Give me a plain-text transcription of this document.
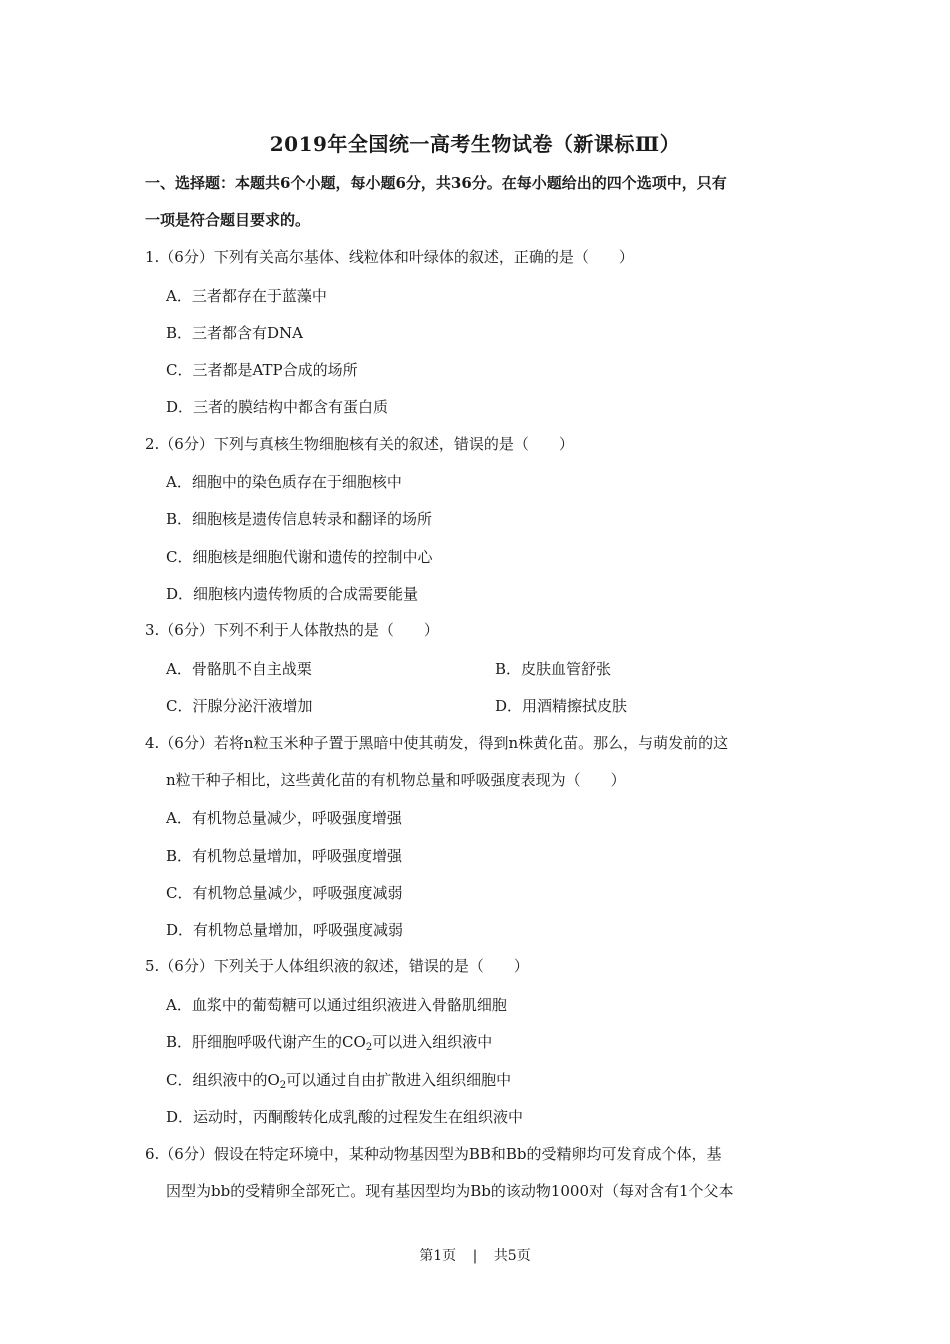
2019年全国统一高考生物试卷（新课标Ⅲ）
一、选择题：本题共6个小题，每小题6分，共36分。在每小题给出的四个选项中，只有
一项是符合题目要求的。
1.（6分）下列有关高尔基体、线粒体和叶绿体的叙述，正确的是（　　）
A．三者都存在于蓝藻中
B．三者都含有DNA
C．三者都是ATP合成的场所
D．三者的膜结构中都含有蛋白质
2.（6分）下列与真核生物细胞核有关的叙述，错误的是（　　）
A．细胞中的染色质存在于细胞核中
B．细胞核是遗传信息转录和翻译的场所
C．细胞核是细胞代谢和遗传的控制中心
D．细胞核内遗传物质的合成需要能量
3.（6分）下列不利于人体散热的是（　　）
A．骨骼肌不自主战栗	B．皮肤血管舒张
C．汗腺分泌汗液增加	D．用酒精擦拭皮肤
4.（6分）若将n粒玉米种子置于黑暗中使其萌发，得到n株黄化苗。那么，与萌发前的这
n粒干种子相比，这些黄化苗的有机物总量和呼吸强度表现为（　　）
A．有机物总量减少，呼吸强度增强
B．有机物总量增加，呼吸强度增强
C．有机物总量减少，呼吸强度减弱
D．有机物总量增加，呼吸强度减弱
5.（6分）下列关于人体组织液的叙述，错误的是（　　）
A．血浆中的葡萄糖可以通过组织液进入骨骼肌细胞
B．肝细胞呼吸代谢产生的$CO_2$可以进入组织液中
C．组织液中的$O_2$可以通过自由扩散进入组织细胞中
D．运动时，丙酮酸转化成乳酸的过程发生在组织液中
6.（6分）假设在特定环境中，某种动物基因型为BB和Bb的受精卵均可发育成个体，基
因型为bb的受精卵全部死亡。现有基因型均为Bb的该动物1000对（每对含有1个父本
第1页 | 共5页
